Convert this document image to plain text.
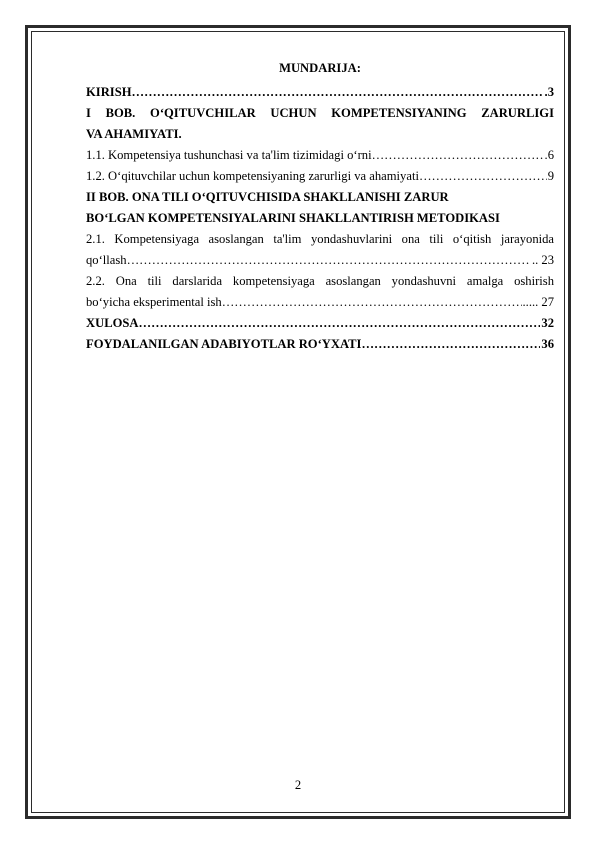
MUNDARIJA:
KIRISH ……………………………………………………………………………………………………………………………………	.3
I BOB. O‘QITUVCHILAR UCHUN KOMPETENSIYANING ZARURLIGI
VA AHAMIYATI.
1.1. Kompetensiya tushunchasi va ta'lim tizimidagi o‘rni ……………………………………………………………………………………………………………………………………	.6
1.2. O‘qituvchilar uchun kompetensiyaning zarurligi va ahamiyati ……………………………………………………………………………………………………………………………………	9
II BOB. ONA TILI O‘QITUVCHISIDA SHAKLLANISHI ZARUR
BO‘LGAN KOMPETENSIYALARINI SHAKLLANTIRISH METODIKASI
2.1. Kompetensiyaga asoslangan ta'lim yondashuvlarini ona tili o‘qitish jarayonida
qo‘llash ……………………………………………………………………………………………………………………………………	.. 23
2.2. Ona tili darslarida kompetensiyaga asoslangan yondashuvni amalga oshirish
bo‘yicha eksperimental ish ……………………………………………………………………………………………………………………………………	..... 27
XULOSA ……………………………………………………………………………………………………………………………………	32
FOYDALANILGAN ADABIYOTLAR RO‘YXATI ……………………………………………………………………………………………………………………………………	36
2
